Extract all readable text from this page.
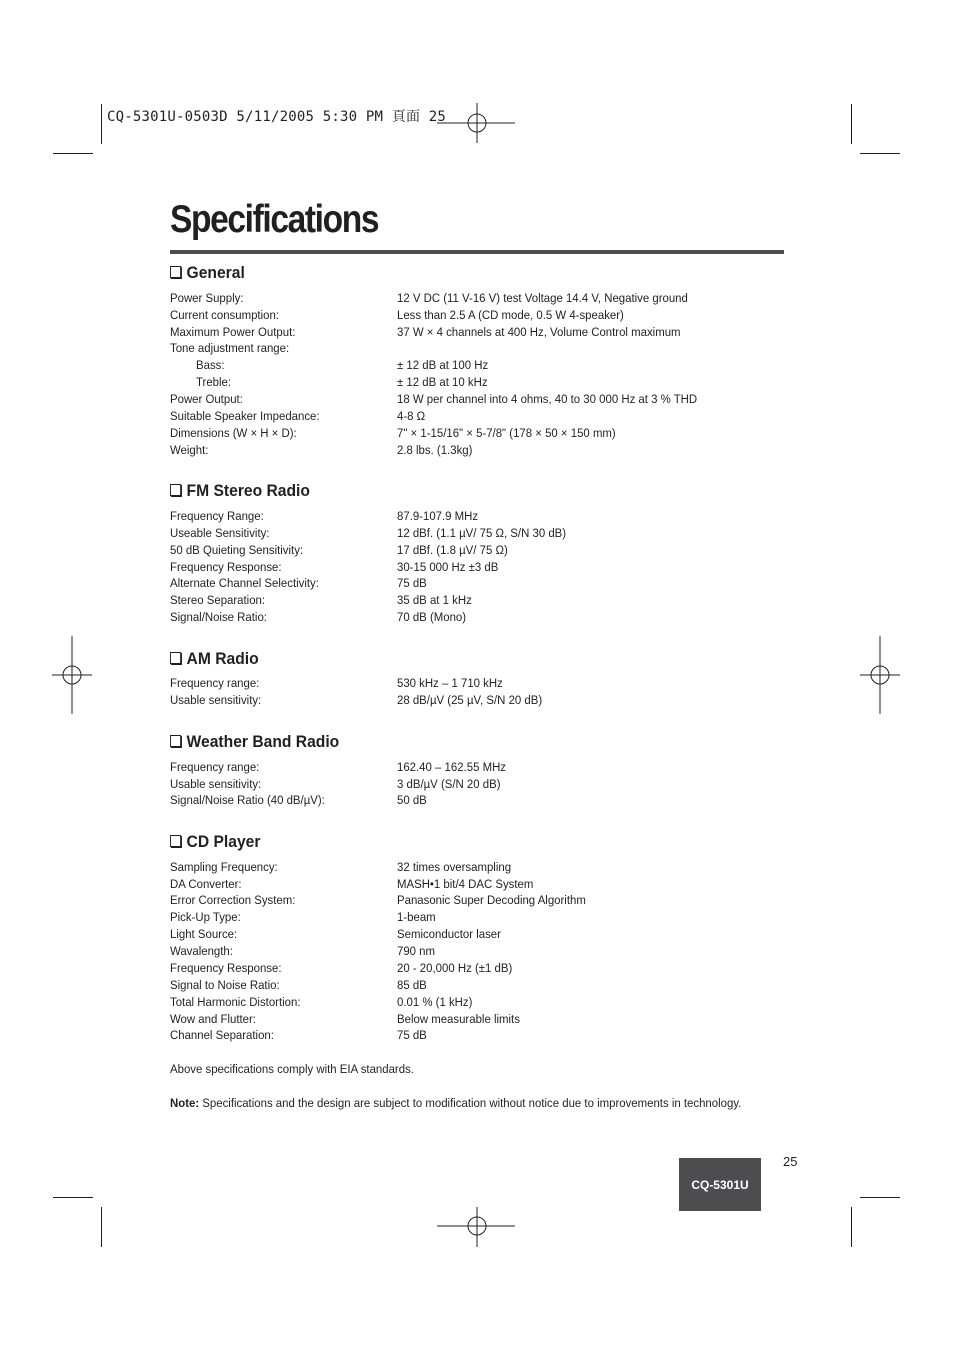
CQ-5301U-0503D 5/11/2005 5:30 PM 頁面 25
Specifications
General
Power Supply:	12 V DC (11 V-16 V) test Voltage 14.4 V, Negative ground
Current consumption:	Less than 2.5 A (CD mode, 0.5 W 4-speaker)
Maximum Power Output:	37 W × 4 channels at 400 Hz, Volume Control maximum
Tone adjustment range:
Bass:	± 12 dB at 100 Hz
Treble:	± 12 dB at 10 kHz
Power Output:	18 W per channel into 4 ohms, 40 to 30 000 Hz at 3 % THD
Suitable Speaker Impedance:	4-8 Ω
Dimensions (W × H × D):	7" × 1-15/16" × 5-7/8" (178 × 50 × 150 mm)
Weight:	2.8 lbs. (1.3kg)
FM Stereo Radio
Frequency Range:	87.9-107.9 MHz
Useable Sensitivity:	12 dBf. (1.1 µV/ 75 Ω, S/N 30 dB)
50 dB Quieting Sensitivity:	17 dBf. (1.8 µV/ 75 Ω)
Frequency Response:	30-15 000 Hz ±3 dB
Alternate Channel Selectivity:	75 dB
Stereo Separation:	35 dB at 1 kHz
Signal/Noise Ratio:	70 dB (Mono)
AM Radio
Frequency range:	530 kHz – 1 710 kHz
Usable sensitivity:	28 dB/µV (25 µV, S/N 20 dB)
Weather Band Radio
Frequency range:	162.40 – 162.55 MHz
Usable sensitivity:	3 dB/µV (S/N 20 dB)
Signal/Noise Ratio (40 dB/µV):	50 dB
CD Player
Sampling Frequency:	32 times oversampling
DA Converter:	MASH•1 bit/4 DAC System
Error Correction System:	Panasonic Super Decoding Algorithm
Pick-Up Type:	1-beam
Light Source:	Semiconductor laser
Wavalength:	790 nm
Frequency Response:	20 - 20,000 Hz (±1 dB)
Signal to Noise Ratio:	85 dB
Total Harmonic Distortion:	0.01 % (1 kHz)
Wow and Flutter:	Below measurable limits
Channel Separation:	75 dB
Above specifications comply with EIA standards.
Note: Specifications and the design are subject to modification without notice due to improvements in technology.
25
CQ-5301U
